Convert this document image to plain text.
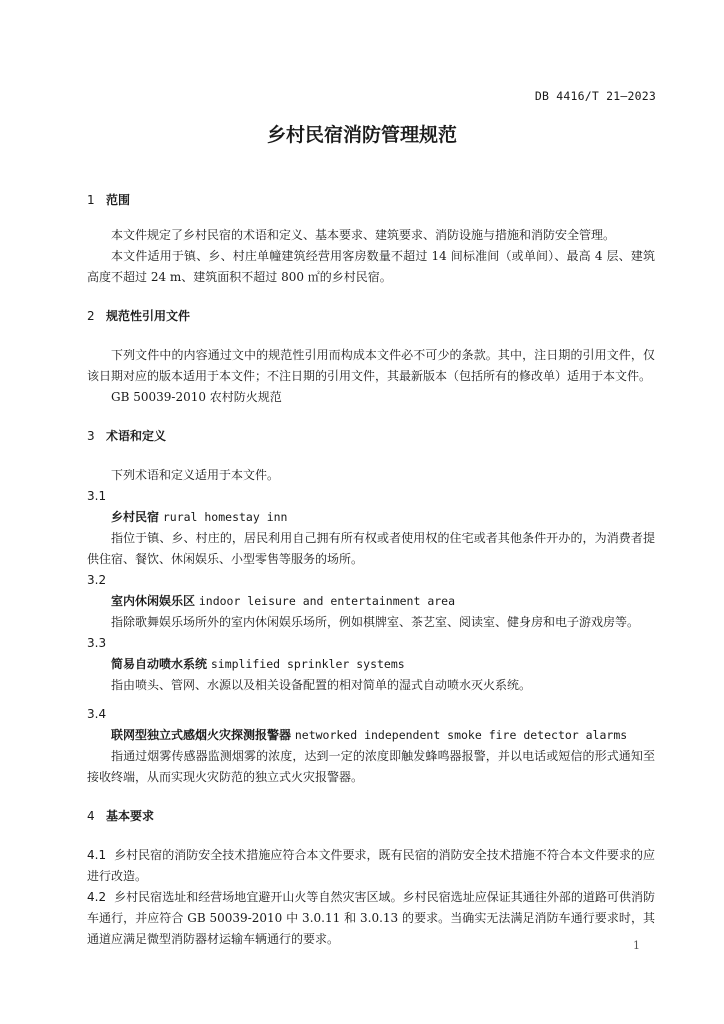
DB 4416/T 21—2023
乡村民宿消防管理规范
1 范围

本文件规定了乡村民宿的术语和定义、基本要求、建筑要求、消防设施与措施和消防安全管理。

本文件适用于镇、乡、村庄单幢建筑经营用客房数量不超过 14 间标准间（或单间）、最高 4 层、建筑高度不超过 24 m、建筑面积不超过 800 ㎡的乡村民宿。

2 规范性引用文件

下列文件中的内容通过文中的规范性引用而构成本文件必不可少的条款。其中，注日期的引用文件，仅该日期对应的版本适用于本文件；不注日期的引用文件，其最新版本（包括所有的修改单）适用于本文件。

GB 50039-2010 农村防火规范

3 术语和定义

下列术语和定义适用于本文件。

3.1

乡村民宿 rural homestay inn

指位于镇、乡、村庄的，居民利用自己拥有所有权或者使用权的住宅或者其他条件开办的，为消费者提供住宿、餐饮、休闲娱乐、小型零售等服务的场所。

3.2

室内休闲娱乐区 indoor leisure and entertainment area

指除歌舞娱乐场所外的室内休闲娱乐场所，例如棋牌室、茶艺室、阅读室、健身房和电子游戏房等。

3.3

简易自动喷水系统 simplified sprinkler systems

指由喷头、管网、水源以及相关设备配置的相对简单的湿式自动喷水灭火系统。

3.4

联网型独立式感烟火灾探测报警器 networked independent smoke fire detector alarms

指通过烟雾传感器监测烟雾的浓度，达到一定的浓度即触发蜂鸣器报警，并以电话或短信的形式通知至接收终端，从而实现火灾防范的独立式火灾报警器。

4 基本要求

4.1 乡村民宿的消防安全技术措施应符合本文件要求，既有民宿的消防安全技术措施不符合本文件要求的应进行改造。

4.2 乡村民宿选址和经营场地宜避开山火等自然灾害区域。乡村民宿选址应保证其通往外部的道路可供消防车通行，并应符合 GB 50039-2010 中 3.0.11 和 3.0.13 的要求。当确实无法满足消防车通行要求时，其通道应满足微型消防器材运输车辆通行的要求。	1
